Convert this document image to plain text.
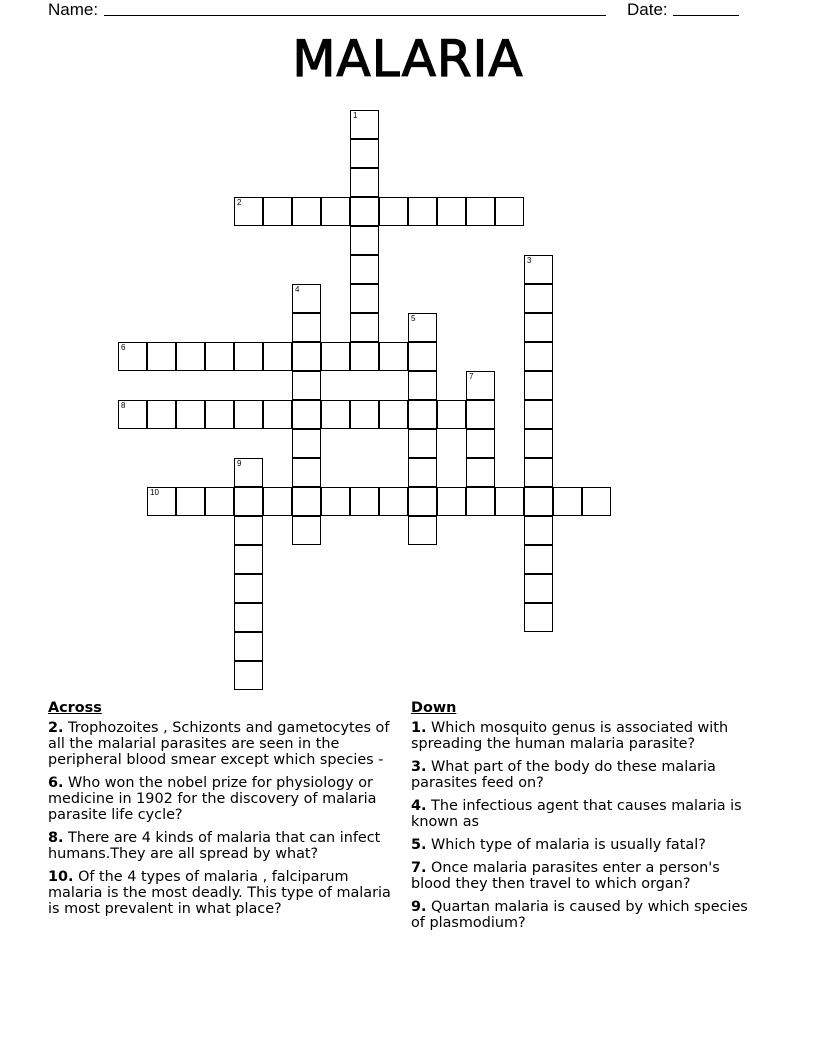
Name:	Date:
MALARIA
1
2
3
4
5
6
7
8
9
10
Across
2. Trophozoites , Schizonts and gametocytes of all the malarial parasites are seen in the peripheral blood smear except which species -
6. Who won the nobel prize for physiology or medicine in 1902 for the discovery of malaria parasite life cycle?
8. There are 4 kinds of malaria that can infect humans.They are all spread by what?
10. Of the 4 types of malaria , falciparum malaria is the most deadly. This type of malaria is most prevalent in what place?
Down
1. Which mosquito genus is associated with spreading the human malaria parasite?
3. What part of the body do these malaria parasites feed on?
4. The infectious agent that causes malaria is known as
5. Which type of malaria is usually fatal?
7. Once malaria parasites enter a person's blood they then travel to which organ?
9. Quartan malaria is caused by which species of plasmodium?
